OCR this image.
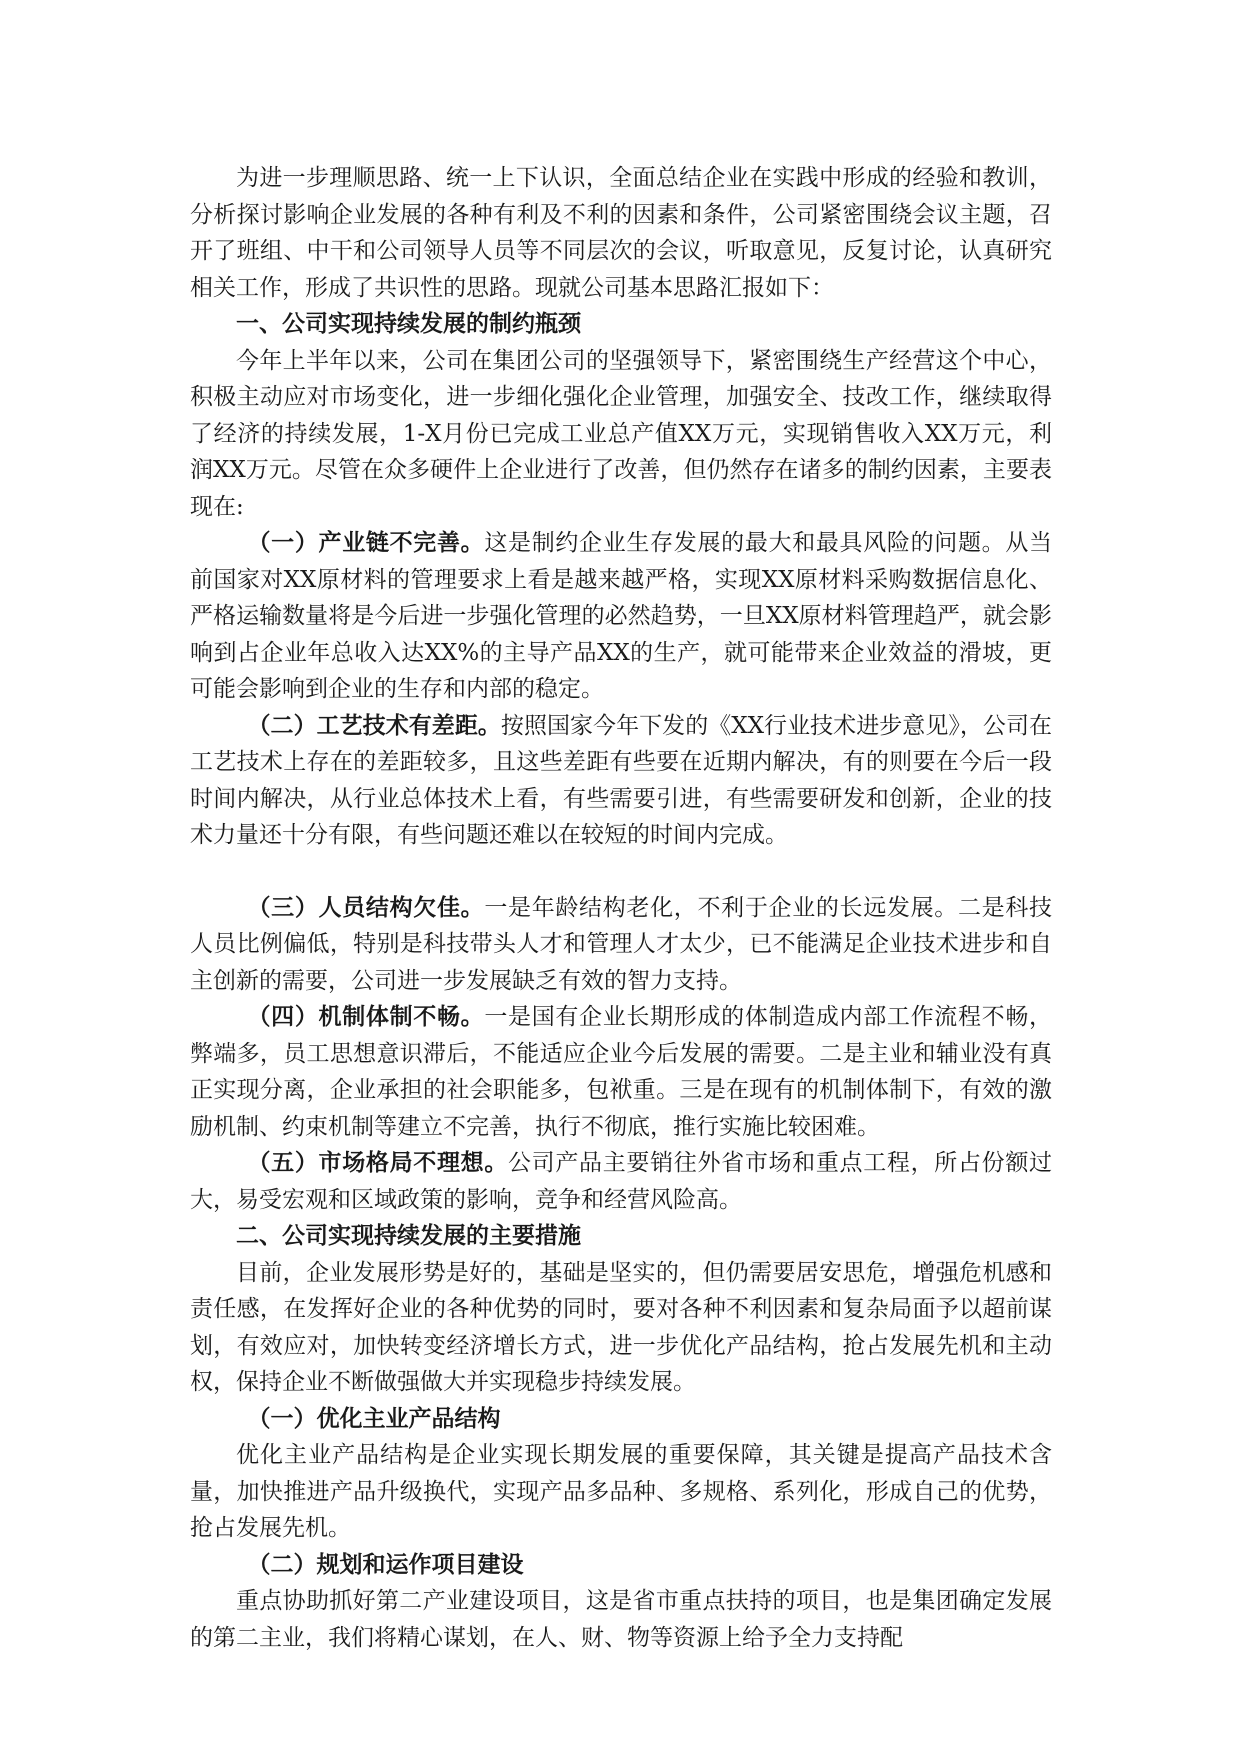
为进一步理顺思路、统一上下认识，全面总结企业在实践中形成的经验和教训，分析探讨影响企业发展的各种有利及不利的因素和条件，公司紧密围绕会议主题，召开了班组、中干和公司领导人员等不同层次的会议，听取意见，反复讨论，认真研究相关工作，形成了共识性的思路。现就公司基本思路汇报如下：

一、公司实现持续发展的制约瓶颈

今年上半年以来，公司在集团公司的坚强领导下，紧密围绕生产经营这个中心，积极主动应对市场变化，进一步细化强化企业管理，加强安全、技改工作，继续取得了经济的持续发展，1-X月份已完成工业总产值XX万元，实现销售收入XX万元，利润XX万元。尽管在众多硬件上企业进行了改善，但仍然存在诸多的制约因素，主要表现在:

（一）产业链不完善。这是制约企业生存发展的最大和最具风险的问题。从当前国家对XX原材料的管理要求上看是越来越严格，实现XX原材料采购数据信息化、严格运输数量将是今后进一步强化管理的必然趋势，一旦XX原材料管理趋严，就会影响到占企业年总收入达XX%的主导产品XX的生产，就可能带来企业效益的滑坡，更可能会影响到企业的生存和内部的稳定。

（二）工艺技术有差距。按照国家今年下发的《XX行业技术进步意见》，公司在工艺技术上存在的差距较多，且这些差距有些要在近期内解决，有的则要在今后一段时间内解决，从行业总体技术上看，有些需要引进，有些需要研发和创新，企业的技术力量还十分有限，有些问题还难以在较短的时间内完成。

（三）人员结构欠佳。一是年龄结构老化，不利于企业的长远发展。二是科技人员比例偏低，特别是科技带头人才和管理人才太少，已不能满足企业技术进步和自主创新的需要，公司进一步发展缺乏有效的智力支持。

（四）机制体制不畅。一是国有企业长期形成的体制造成内部工作流程不畅，弊端多，员工思想意识滞后，不能适应企业今后发展的需要。二是主业和辅业没有真正实现分离，企业承担的社会职能多，包袱重。三是在现有的机制体制下，有效的激励机制、约束机制等建立不完善，执行不彻底，推行实施比较困难。

（五）市场格局不理想。公司产品主要销往外省市场和重点工程，所占份额过大，易受宏观和区域政策的影响，竞争和经营风险高。

二、公司实现持续发展的主要措施

目前，企业发展形势是好的，基础是坚实的，但仍需要居安思危，增强危机感和责任感，在发挥好企业的各种优势的同时，要对各种不利因素和复杂局面予以超前谋划，有效应对，加快转变经济增长方式，进一步优化产品结构，抢占发展先机和主动权，保持企业不断做强做大并实现稳步持续发展。

（一）优化主业产品结构

优化主业产品结构是企业实现长期发展的重要保障，其关键是提高产品技术含量，加快推进产品升级换代，实现产品多品种、多规格、系列化，形成自己的优势，抢占发展先机。

（二）规划和运作项目建设

重点协助抓好第二产业建设项目，这是省市重点扶持的项目，也是集团确定发展的第二主业，我们将精心谋划，在人、财、物等资源上给予全力支持配
